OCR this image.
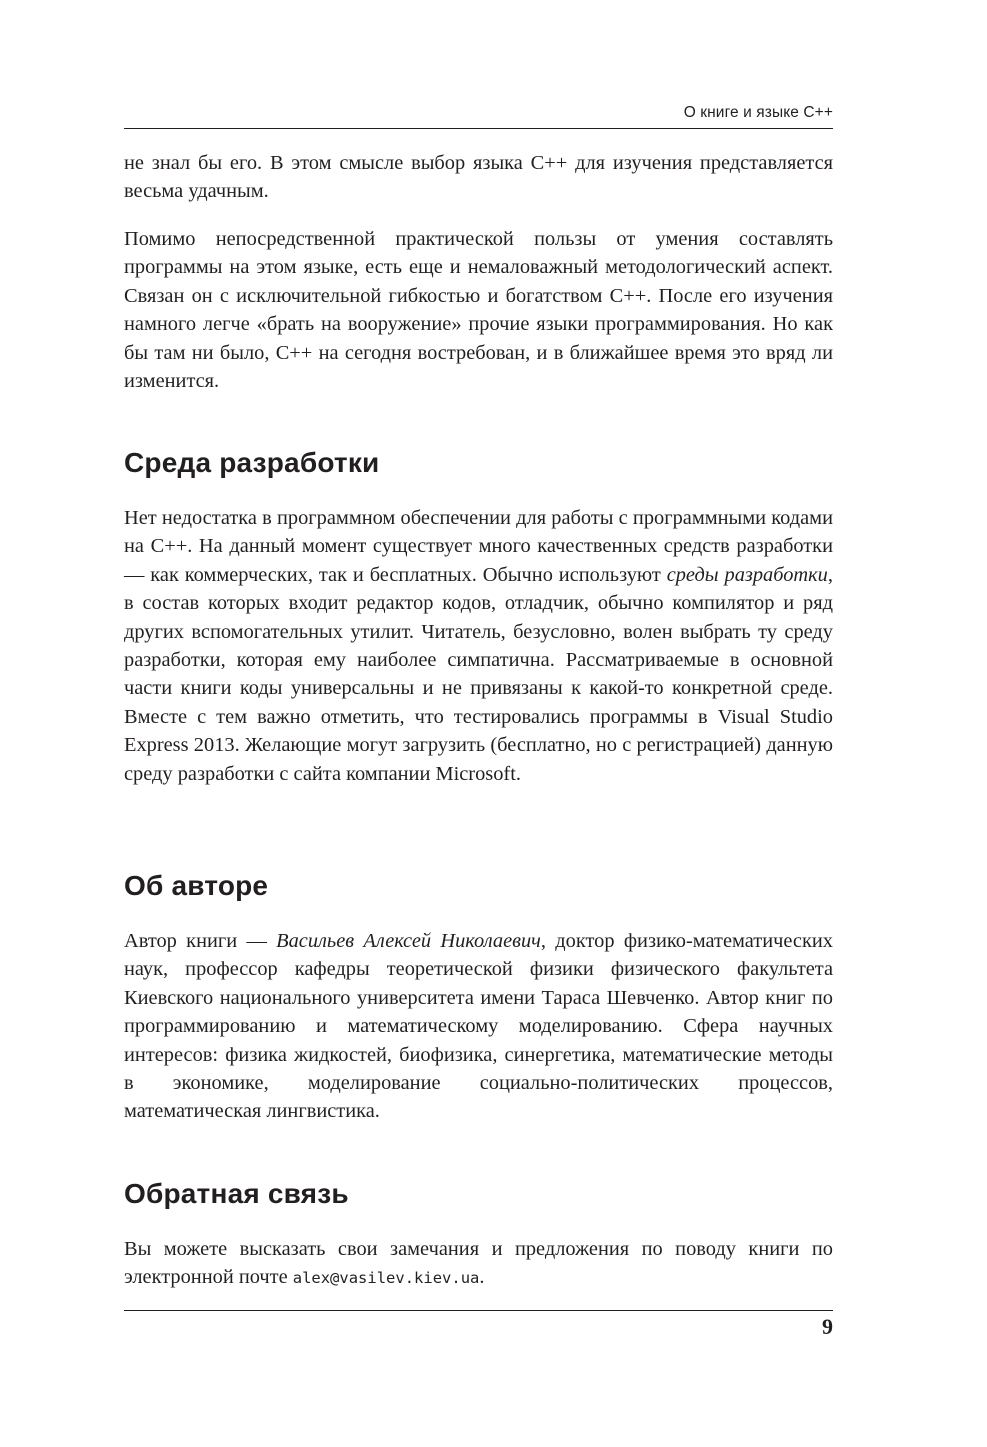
О книге и языке С++

не знал бы его. В этом смысле выбор языка С++ для изучения представляется весьма удачным.

Помимо непосредственной практической пользы от умения составлять программы на этом языке, есть еще и немаловажный методологический аспект. Связан он с исключительной гибкостью и богатством С++. После его изучения намного легче «брать на вооружение» прочие языки программирования. Но как бы там ни было, С++ на сегодня востребован, и в ближайшее время это вряд ли изменится.

Среда разработки

Нет недостатка в программном обеспечении для работы с программными кодами на С++. На данный момент существует много качественных средств разработки — как коммерческих, так и бесплатных. Обычно используют среды разработки, в состав которых входит редактор кодов, отладчик, обычно компилятор и ряд других вспомогательных утилит. Читатель, безусловно, волен выбрать ту среду разработки, которая ему наиболее симпатична. Рассматриваемые в основной части книги коды универсальны и не привязаны к какой-то конкретной среде. Вместе с тем важно отметить, что тестировались программы в Visual Studio Express 2013. Желающие могут загрузить (бесплатно, но с регистрацией) данную среду разработки с сайта компании Microsoft.

Об авторе

Автор книги — Васильев Алексей Николаевич, доктор физико-математических наук, профессор кафедры теоретической физики физического факультета Киевского национального университета имени Тараса Шевченко. Автор книг по программированию и математическому моделированию. Сфера научных интересов: физика жидкостей, биофизика, синергетика, математические методы в экономике, моделирование социально-политических процессов, математическая лингвистика.

Обратная связь

Вы можете высказать свои замечания и предложения по поводу книги по электронной почте alex@vasilev.kiev.ua.

9
